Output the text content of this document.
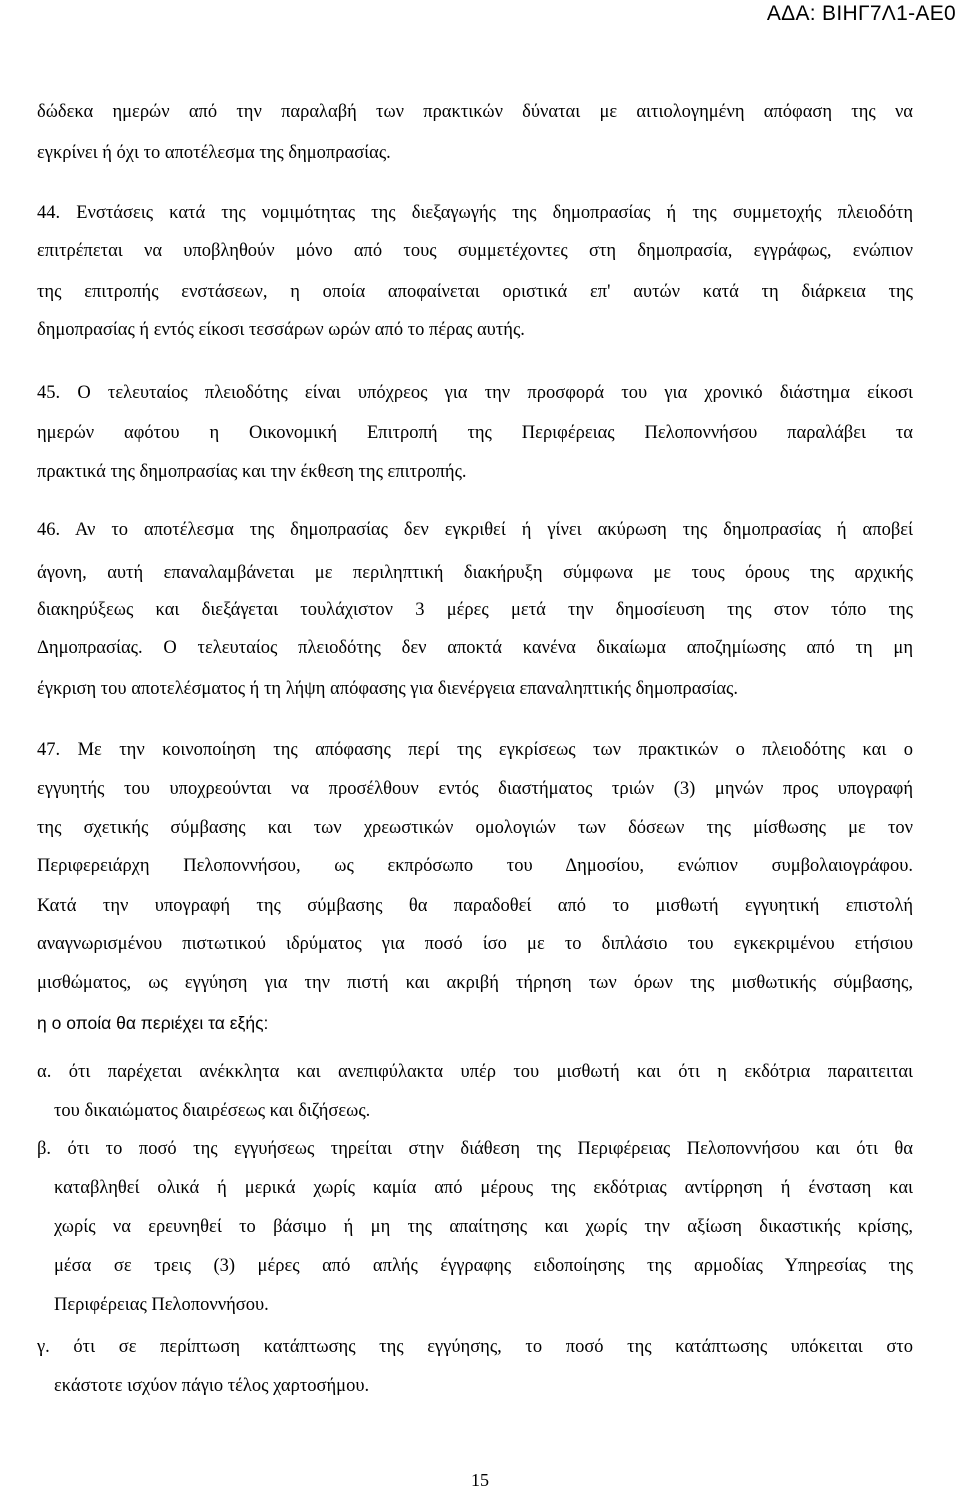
ΑΔΑ: ΒΙΗΓ7Λ1-ΑΕ0
δώδεκα ημερών από την παραλαβή των πρακτικών δύναται με αιτιολογημένη απόφαση της να
εγκρίνει ή όχι το αποτέλεσμα της δημοπρασίας.
44. Ενστάσεις κατά της νομιμότητας της διεξαγωγής της δημοπρασίας ή της συμμετοχής πλειοδότη
επιτρέπεται να υποβληθούν μόνο από τους συμμετέχοντες στη δημοπρασία, εγγράφως, ενώπιον
της επιτροπής ενστάσεων, η οποία αποφαίνεται οριστικά επ' αυτών κατά τη διάρκεια της
δημοπρασίας ή εντός είκοσι τεσσάρων ωρών από το πέρας αυτής.
45. Ο τελευταίος πλειοδότης είναι υπόχρεος για την προσφορά του για χρονικό διάστημα είκοσι
ημερών αφότου η Οικονομική Επιτροπή της Περιφέρειας Πελοποννήσου παραλάβει τα
πρακτικά της δημοπρασίας και την έκθεση της επιτροπής.
46. Αν το αποτέλεσμα της δημοπρασίας δεν εγκριθεί ή γίνει ακύρωση της δημοπρασίας ή αποβεί
άγονη, αυτή επαναλαμβάνεται με περιληπτική διακήρυξη σύμφωνα με τους όρους της αρχικής
διακηρύξεως και διεξάγεται τουλάχιστον 3 μέρες μετά την δημοσίευση της στον τόπο της
Δημοπρασίας. Ο τελευταίος πλειοδότης δεν αποκτά κανένα δικαίωμα αποζημίωσης από τη μη
έγκριση του αποτελέσματος ή τη λήψη απόφασης για διενέργεια επαναληπτικής δημοπρασίας.
47. Με την κοινοποίηση της απόφασης περί της εγκρίσεως των πρακτικών ο πλειοδότης και ο
εγγυητής του υποχρεούνται να προσέλθουν εντός διαστήματος τριών (3) μηνών προς υπογραφή
της σχετικής σύμβασης και των χρεωστικών ομολογιών των δόσεων της μίσθωσης με τον
Περιφερειάρχη Πελοποννήσου, ως εκπρόσωπο του Δημοσίου, ενώπιον συμβολαιογράφου.
Κατά την υπογραφή της σύμβασης θα παραδοθεί από το μισθωτή εγγυητική επιστολή
αναγνωρισμένου πιστωτικού ιδρύματος για ποσό ίσο με το διπλάσιο του εγκεκριμένου ετήσιου
μισθώματος, ως εγγύηση για την πιστή και ακριβή τήρηση των όρων της μισθωτικής σύμβασης,
η ο οποία θα περιέχει τα εξής:
α. ότι παρέχεται ανέκκλητα και ανεπιφύλακτα υπέρ του μισθωτή και ότι η εκδότρια παραιτειται
του δικαιώματος διαιρέσεως και διζήσεως.
β. ότι το ποσό της εγγυήσεως τηρείται στην διάθεση της Περιφέρειας Πελοποννήσου και ότι θα
καταβληθεί ολικά ή μερικά χωρίς καμία από μέρους της εκδότριας αντίρρηση ή ένσταση και
χωρίς να ερευνηθεί το βάσιμο ή μη της απαίτησης και χωρίς την αξίωση δικαστικής κρίσης,
μέσα σε τρεις (3) μέρες από απλής έγγραφης ειδοποίησης της αρμοδίας Υπηρεσίας της
Περιφέρειας Πελοποννήσου.
γ. ότι σε περίπτωση κατάπτωσης της εγγύησης, το ποσό της κατάπτωσης υπόκειται στο
εκάστοτε ισχύον πάγιο τέλος χαρτοσήμου.
15
